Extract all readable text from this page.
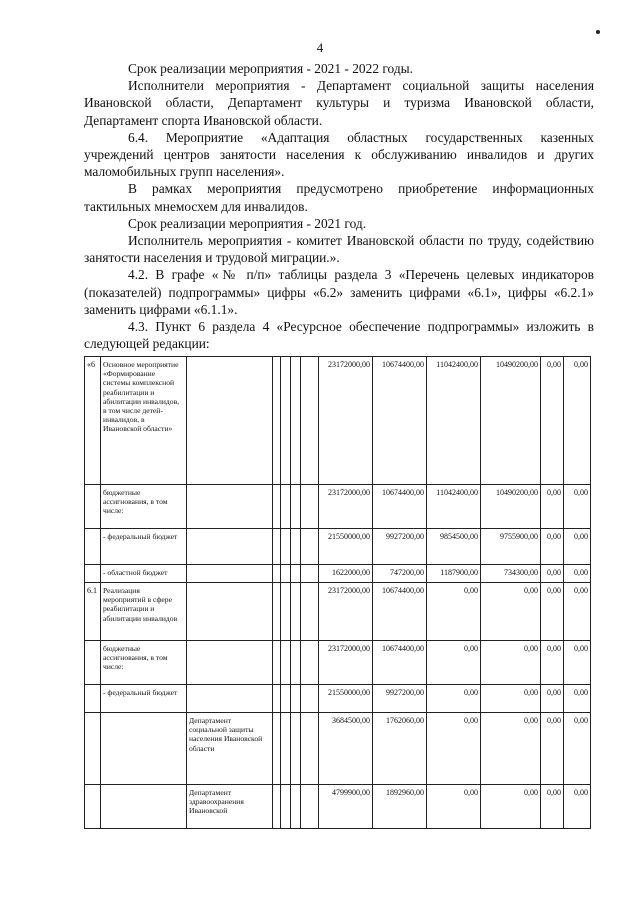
4

Срок реализации мероприятия - 2021 - 2022 годы.

Исполнители мероприятия - Департамент социальной защиты населения Ивановской области, Департамент культуры и туризма Ивановской области, Департамент спорта Ивановской области.

6.4. Мероприятие «Адаптация областных государственных казенных учреждений центров занятости населения к обслуживанию инвалидов и других маломобильных групп населения».

В рамках мероприятия предусмотрено приобретение информационных тактильных мнемосхем для инвалидов.

Срок реализации мероприятия - 2021 год.

Исполнитель мероприятия - комитет Ивановской области по труду, содействию занятости населения и трудовой миграции.».

4.2. В графе «№ п/п» таблицы раздела 3 «Перечень целевых индикаторов (показателей) подпрограммы» цифры «6.2» заменить цифрами «6.1», цифры «6.2.1» заменить цифрами «6.1.1».

4.3. Пункт 6 раздела 4 «Ресурсное обеспечение подпрограммы» изложить в следующей редакции:

«6	Основное мероприятие «Формирование системы комплексной реабилитации и абилитации инвалидов, в том числе детей-инвалидов, в Ивановской области»						23172000,00	10674400,00	11042400,00	10490200,00	0,00	0,00
	бюджетные ассигнования, в том числе:						23172000,00	10674400,00	11042400,00	10490200,00	0,00	0,00
	- федеральный бюджет						21550000,00	9927200,00	9854500,00	9755900,00	0,00	0,00
	- областной бюджет						1622000,00	747200,00	1187900,00	734300,00	0,00	0,00
6.1	Реализация мероприятий в сфере реабилитации и абилитации инвалидов						23172000,00	10674400,00	0,00	0,00	0,00	0,00
	бюджетные ассигнования, в том числе:						23172000,00	10674400,00	0,00	0,00	0,00	0,00
	- федеральный бюджет						21550000,00	9927200,00	0,00	0,00	0,00	0,00
		Департамент социальной защиты населения Ивановской области					3684500,00	1762060,00	0,00	0,00	0,00	0,00
		Департамент здравоохранения Ивановской					4799900,00	1892960,00	0,00	0,00	0,00	0,00
